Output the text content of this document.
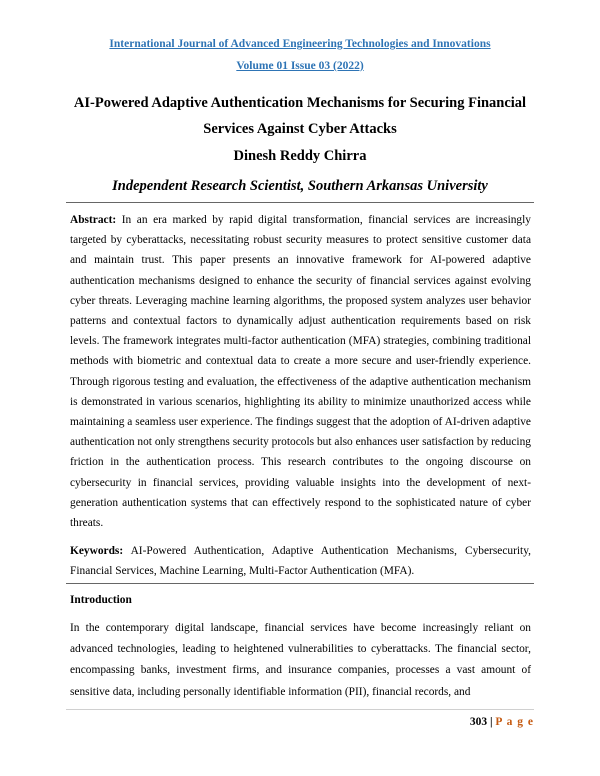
International Journal of Advanced Engineering Technologies and Innovations
Volume 01 Issue 03 (2022)
AI-Powered Adaptive Authentication Mechanisms for Securing Financial
Services Against Cyber Attacks
Dinesh Reddy Chirra
Independent Research Scientist, Southern Arkansas University
Abstract: In an era marked by rapid digital transformation, financial services are increasingly targeted by cyberattacks, necessitating robust security measures to protect sensitive customer data and maintain trust. This paper presents an innovative framework for AI-powered adaptive authentication mechanisms designed to enhance the security of financial services against evolving cyber threats. Leveraging machine learning algorithms, the proposed system analyzes user behavior patterns and contextual factors to dynamically adjust authentication requirements based on risk levels. The framework integrates multi-factor authentication (MFA) strategies, combining traditional methods with biometric and contextual data to create a more secure and user-friendly experience. Through rigorous testing and evaluation, the effectiveness of the adaptive authentication mechanism is demonstrated in various scenarios, highlighting its ability to minimize unauthorized access while maintaining a seamless user experience. The findings suggest that the adoption of AI-driven adaptive authentication not only strengthens security protocols but also enhances user satisfaction by reducing friction in the authentication process. This research contributes to the ongoing discourse on cybersecurity in financial services, providing valuable insights into the development of next-generation authentication systems that can effectively respond to the sophisticated nature of cyber threats.
Keywords: AI-Powered Authentication, Adaptive Authentication Mechanisms, Cybersecurity, Financial Services, Machine Learning, Multi-Factor Authentication (MFA).
Introduction
In the contemporary digital landscape, financial services have become increasingly reliant on advanced technologies, leading to heightened vulnerabilities to cyberattacks. The financial sector, encompassing banks, investment firms, and insurance companies, processes a vast amount of sensitive data, including personally identifiable information (PII), financial records, and
303 | P a g e
